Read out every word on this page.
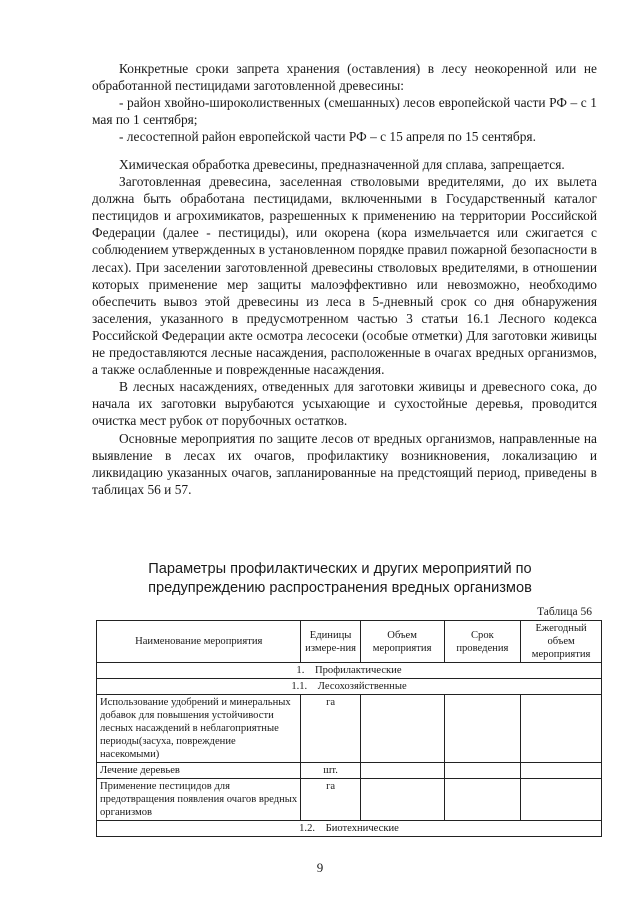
Конкретные сроки запрета хранения (оставления) в лесу неокоренной или не обработанной пестицидами заготовленной древесины:

- район хвойно-широколиственных (смешанных) лесов европейской части РФ – с 1 мая по 1 сентября;

- лесостепной район европейской части РФ – с 15 апреля по 15 сентября.

Химическая обработка древесины, предназначенной для сплава, запрещается.

Заготовленная древесина, заселенная стволовыми вредителями, до их вылета должна быть обработана пестицидами, включенными в Государственный каталог пестицидов и агрохимикатов, разрешенных к применению на территории Российской Федерации (далее - пестициды), или окорена (кора измельчается или сжигается с соблюдением утвержденных в установленном порядке правил пожарной безопасности в лесах). При заселении заготовленной древесины стволовых вредителями, в отношении которых применение мер защиты малоэффективно или невозможно, необходимо обеспечить вывоз этой древесины из леса в 5-дневный срок со дня обнаружения заселения, указанного в предусмотренном частью 3 статьи 16.1 Лесного кодекса Российской Федерации акте осмотра лесосеки (особые отметки) Для заготовки живицы не предоставляются лесные насаждения, расположенные в очагах вредных организмов, а также ослабленные и поврежденные насаждения.

В лесных насаждениях, отведенных для заготовки живицы и древесного сока, до начала их заготовки вырубаются усыхающие и сухостойные деревья, проводится очистка мест рубок от порубочных остатков.

Основные мероприятия по защите лесов от вредных организмов, направленные на выявление в лесах их очагов, профилактику возникновения, локализацию и ликвидацию указанных очагов, запланированные на предстоящий период, приведены в таблицах 56 и 57.

Параметры профилактических и других мероприятий по предупреждению распространения вредных организмов
Таблица 56
Наименование мероприятия	Единицы измере-ния	Объем мероприятия	Срок проведения	Ежегодный объем мероприятия
1. Профилактические				
1.1. Лесохозяйственные				
Использование удобрений и минеральных добавок для повышения устойчивости лесных насаждений в неблагоприятные периоды(засуха, повреждение насекомыми)	га			
Лечение деревьев	шт.			
Применение пестицидов для предотвращения появления очагов вредных организмов	га			
1.2. Биотехнические				
9
